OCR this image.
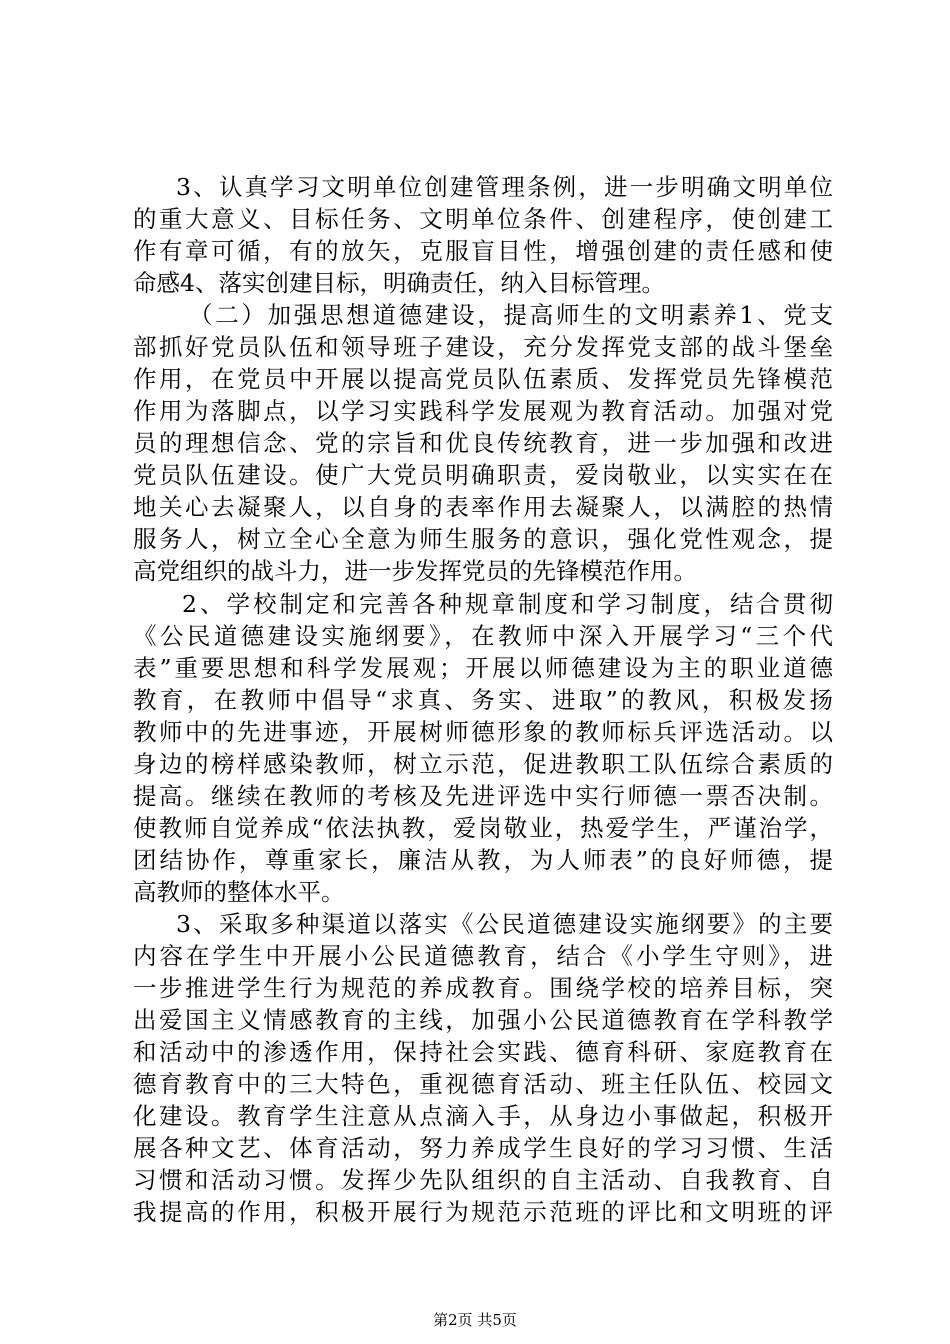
3、认真学习文明单位创建管理条例，进一步明确文明单位
的重大意义、目标任务、文明单位条件、创建程序，使创建工
作有章可循，有的放矢，克服盲目性，增强创建的责任感和使
命感4、落实创建目标，明确责任，纳入目标管理。
（二）加强思想道德建设，提高师生的文明素养1、党支
部抓好党员队伍和领导班子建设，充分发挥党支部的战斗堡垒
作用，在党员中开展以提高党员队伍素质、发挥党员先锋模范
作用为落脚点，以学习实践科学发展观为教育活动。加强对党
员的理想信念、党的宗旨和优良传统教育，进一步加强和改进
党员队伍建设。使广大党员明确职责，爱岗敬业，以实实在在
地关心去凝聚人，以自身的表率作用去凝聚人，以满腔的热情
服务人，树立全心全意为师生服务的意识，强化党性观念，提
高党组织的战斗力，进一步发挥党员的先锋模范作用。
2、学校制定和完善各种规章制度和学习制度，结合贯彻
《公民道德建设实施纲要》，在教师中深入开展学习“三个代
表”重要思想和科学发展观；开展以师德建设为主的职业道德
教育，在教师中倡导“求真、务实、进取”的教风，积极发扬
教师中的先进事迹，开展树师德形象的教师标兵评选活动。以
身边的榜样感染教师，树立示范，促进教职工队伍综合素质的
提高。继续在教师的考核及先进评选中实行师德一票否决制。
使教师自觉养成“依法执教，爱岗敬业，热爱学生，严谨治学，
团结协作，尊重家长，廉洁从教，为人师表”的良好师德，提
高教师的整体水平。
3、采取多种渠道以落实《公民道德建设实施纲要》的主要
内容在学生中开展小公民道德教育，结合《小学生守则》，进
一步推进学生行为规范的养成教育。围绕学校的培养目标，突
出爱国主义情感教育的主线，加强小公民道德教育在学科教学
和活动中的渗透作用，保持社会实践、德育科研、家庭教育在
德育教育中的三大特色，重视德育活动、班主任队伍、校园文
化建设。教育学生注意从点滴入手，从身边小事做起，积极开
展各种文艺、体育活动，努力养成学生良好的学习习惯、生活
习惯和活动习惯。发挥少先队组织的自主活动、自我教育、自
我提高的作用，积极开展行为规范示范班的评比和文明班的评
第2页 共5页
